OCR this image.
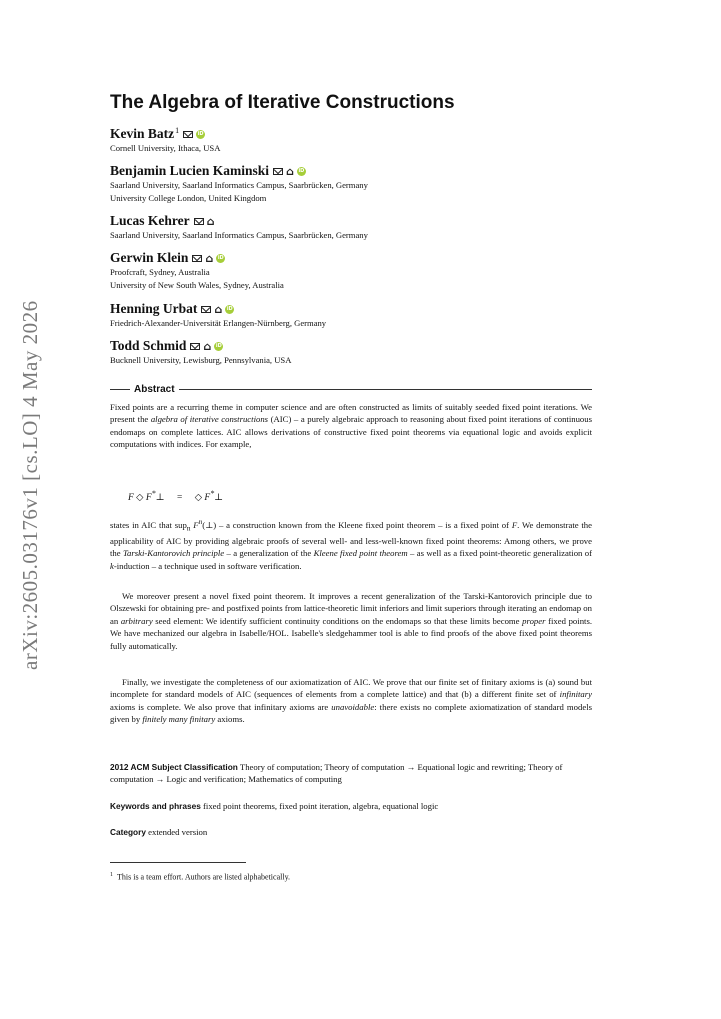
arXiv:2605.03176v1 [cs.LO] 4 May 2026
The Algebra of Iterative Constructions
Kevin Batz$^1$	iD
Cornell University, Ithaca, USA
Benjamin Lucien Kaminski ⌂ iD
Saarland University, Saarland Informatics Campus, Saarbrücken, Germany
University College London, United Kingdom
Lucas Kehrer ⌂
Saarland University, Saarland Informatics Campus, Saarbrücken, Germany
Gerwin Klein ⌂ iD
Proofcraft, Sydney, Australia
University of New South Wales, Sydney, Australia
Henning Urbat ⌂ iD
Friedrich-Alexander-Universität Erlangen-Nürnberg, Germany
Todd Schmid ⌂ iD
Bucknell University, Lewisburg, Pennsylvania, USA
Abstract
Fixed points are a recurring theme in computer science and are often constructed as limits of suitably seeded fixed point iterations. We present the algebra of iterative constructions (AIC) – a purely algebraic approach to reasoning about fixed point iterations of continuous endomaps on complete lattices. AIC allows derivations of constructive fixed point theorems via equational logic and avoids explicit computations with indices. For example,
F ◇ F*⊥     =     ◇ F*⊥
states in AIC that sup$_n$ $F^n(\perp)$ – a construction known from the Kleene fixed point theorem – is a fixed point of F. We demonstrate the applicability of AIC by providing algebraic proofs of several well- and less-well-known fixed point theorems: Among others, we prove the Tarski-Kantorovich principle – a generalization of the Kleene fixed point theorem – as well as a fixed point-theoretic generalization of k-induction – a technique used in software verification.
We moreover present a novel fixed point theorem. It improves a recent generalization of the Tarski-Kantorovich principle due to Olszewski for obtaining pre- and postfixed points from lattice-theoretic limit inferiors and limit superiors through iterating an endomap on an arbitrary seed element: We identify sufficient continuity conditions on the endomaps so that these limits become proper fixed points. We have mechanized our algebra in Isabelle/HOL. Isabelle's sledgehammer tool is able to find proofs of the above fixed point theorems fully automatically.
Finally, we investigate the completeness of our axiomatization of AIC. We prove that our finite set of finitary axioms is (a) sound but incomplete for standard models of AIC (sequences of elements from a complete lattice) and that (b) a different finite set of infinitary axioms is complete. We also prove that infinitary axioms are unavoidable: there exists no complete axiomatization of standard models given by finitely many finitary axioms.
2012 ACM Subject Classification Theory of computation; Theory of computation → Equational logic and rewriting; Theory of computation → Logic and verification; Mathematics of computing
Keywords and phrases fixed point theorems, fixed point iteration, algebra, equational logic
Category extended version
$^1$ This is a team effort. Authors are listed alphabetically.
